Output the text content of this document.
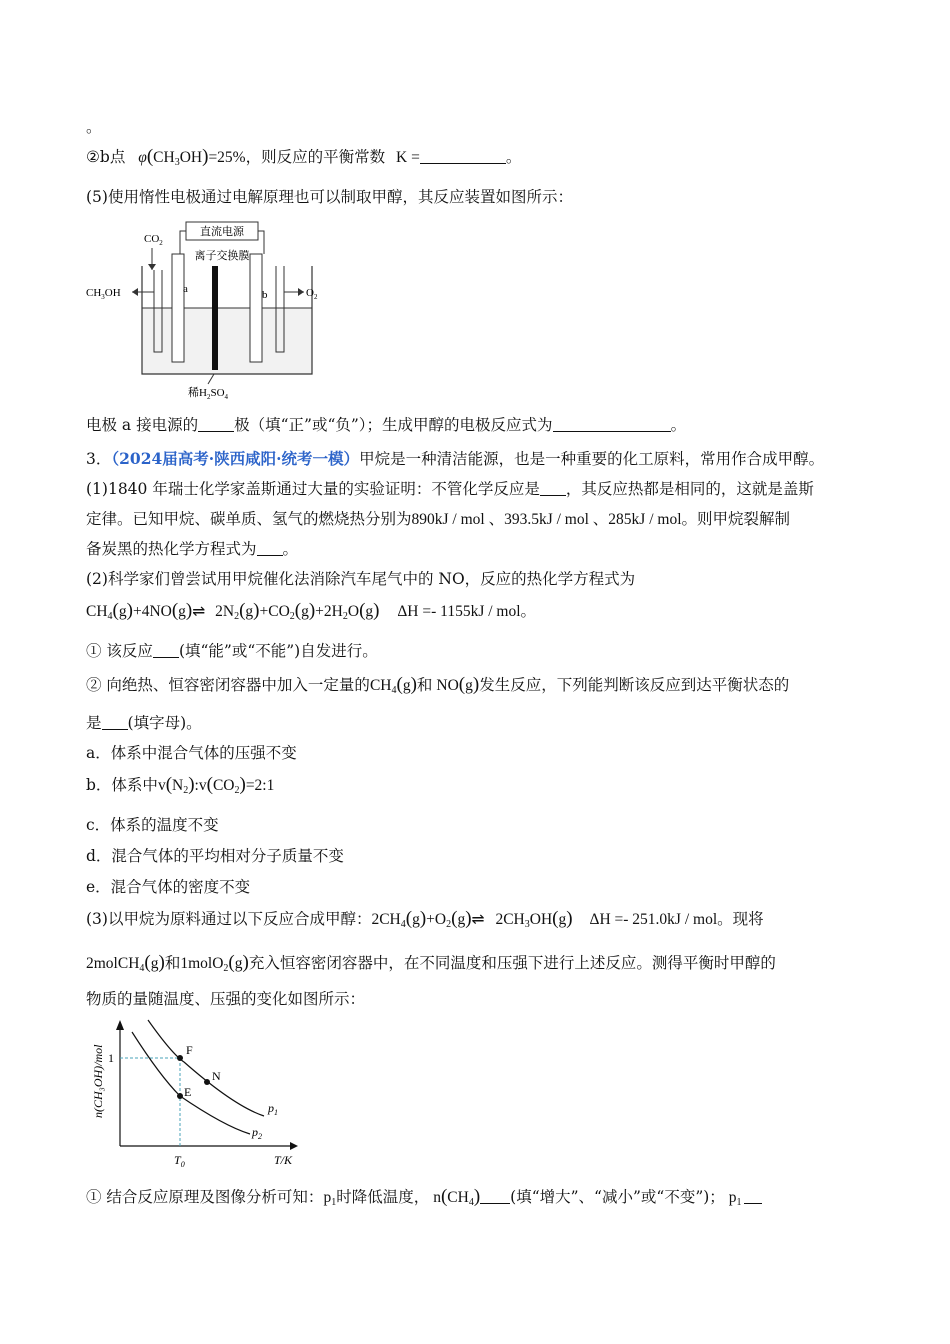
。
②b点 $\varphi(CH_3OH)=25\%$，则反应的平衡常数 K =	。
(5)使用惰性电极通过电解原理也可以制取甲醇，其反应装置如图所示：
直流电源
离子交换膜
a	b
$CO_2$
$CH_3OH$	$O_2$
稀$H_2SO_4$
电极 a 接电源的 极（填“正”或“负”）；生成甲醇的电极反应式为	。
3．（2024届高考·陕西咸阳·统考一模）甲烷是一种清洁能源，也是一种重要的化工原料，常用作合成甲醇。
(1)1840 年瑞士化学家盖斯通过大量的实验证明：不管化学反应是 ，其反应热都是相同的，这就是盖斯
定律。已知甲烷、碳单质、氢气的燃烧热分别为890kJ / mol 、393.5kJ / mol 、285kJ / mol。则甲烷裂解制
备炭黑的热化学方程式为 。
(2)科学家们曾尝试用甲烷催化法消除汽车尾气中的 NO，反应的热化学方程式为
$CH_4(g)+4NO(g)\rightleftharpoons$ $2N_2(g)+CO_2(g)+2H_2O(g) \Delta H =- 1155kJ$ / mol。
① 该反应 (填“能”或“不能”)自发进行。
② 向绝热、恒容密闭容器中加入一定量的$CH_4(g)$和 NO(g)发生反应，下列能判断该反应到达平衡状态的
是 (填字母)。
a．体系中混合气体的压强不变
b．体系中$v(N_2):v(CO_2)=2:1$
c．体系的温度不变
d．混合气体的平均相对分子质量不变
e．混合气体的密度不变
(3)以甲烷为原料通过以下反应合成甲醇：$2CH_4(g)+O_2(g)\rightleftharpoons$ $2CH_3OH(g) \Delta H =- 251.0kJ$ / mol。现将
2molCH$_4$(g)和1molO$_2$(g)充入恒容密闭容器中，在不同温度和压强下进行上述反应。测得平衡时甲醇的
物质的量随温度、压强的变化如图所示：
n(CH₃OH)/mol
T/K
1
$T_0$
F
N
E
$p_1$
$p_2$
① 结合反应原理及图像分析可知：$p_1$时降低温度， $n(CH_4)$ (填“增大”、“减小”或“不变”)； $p_1$
